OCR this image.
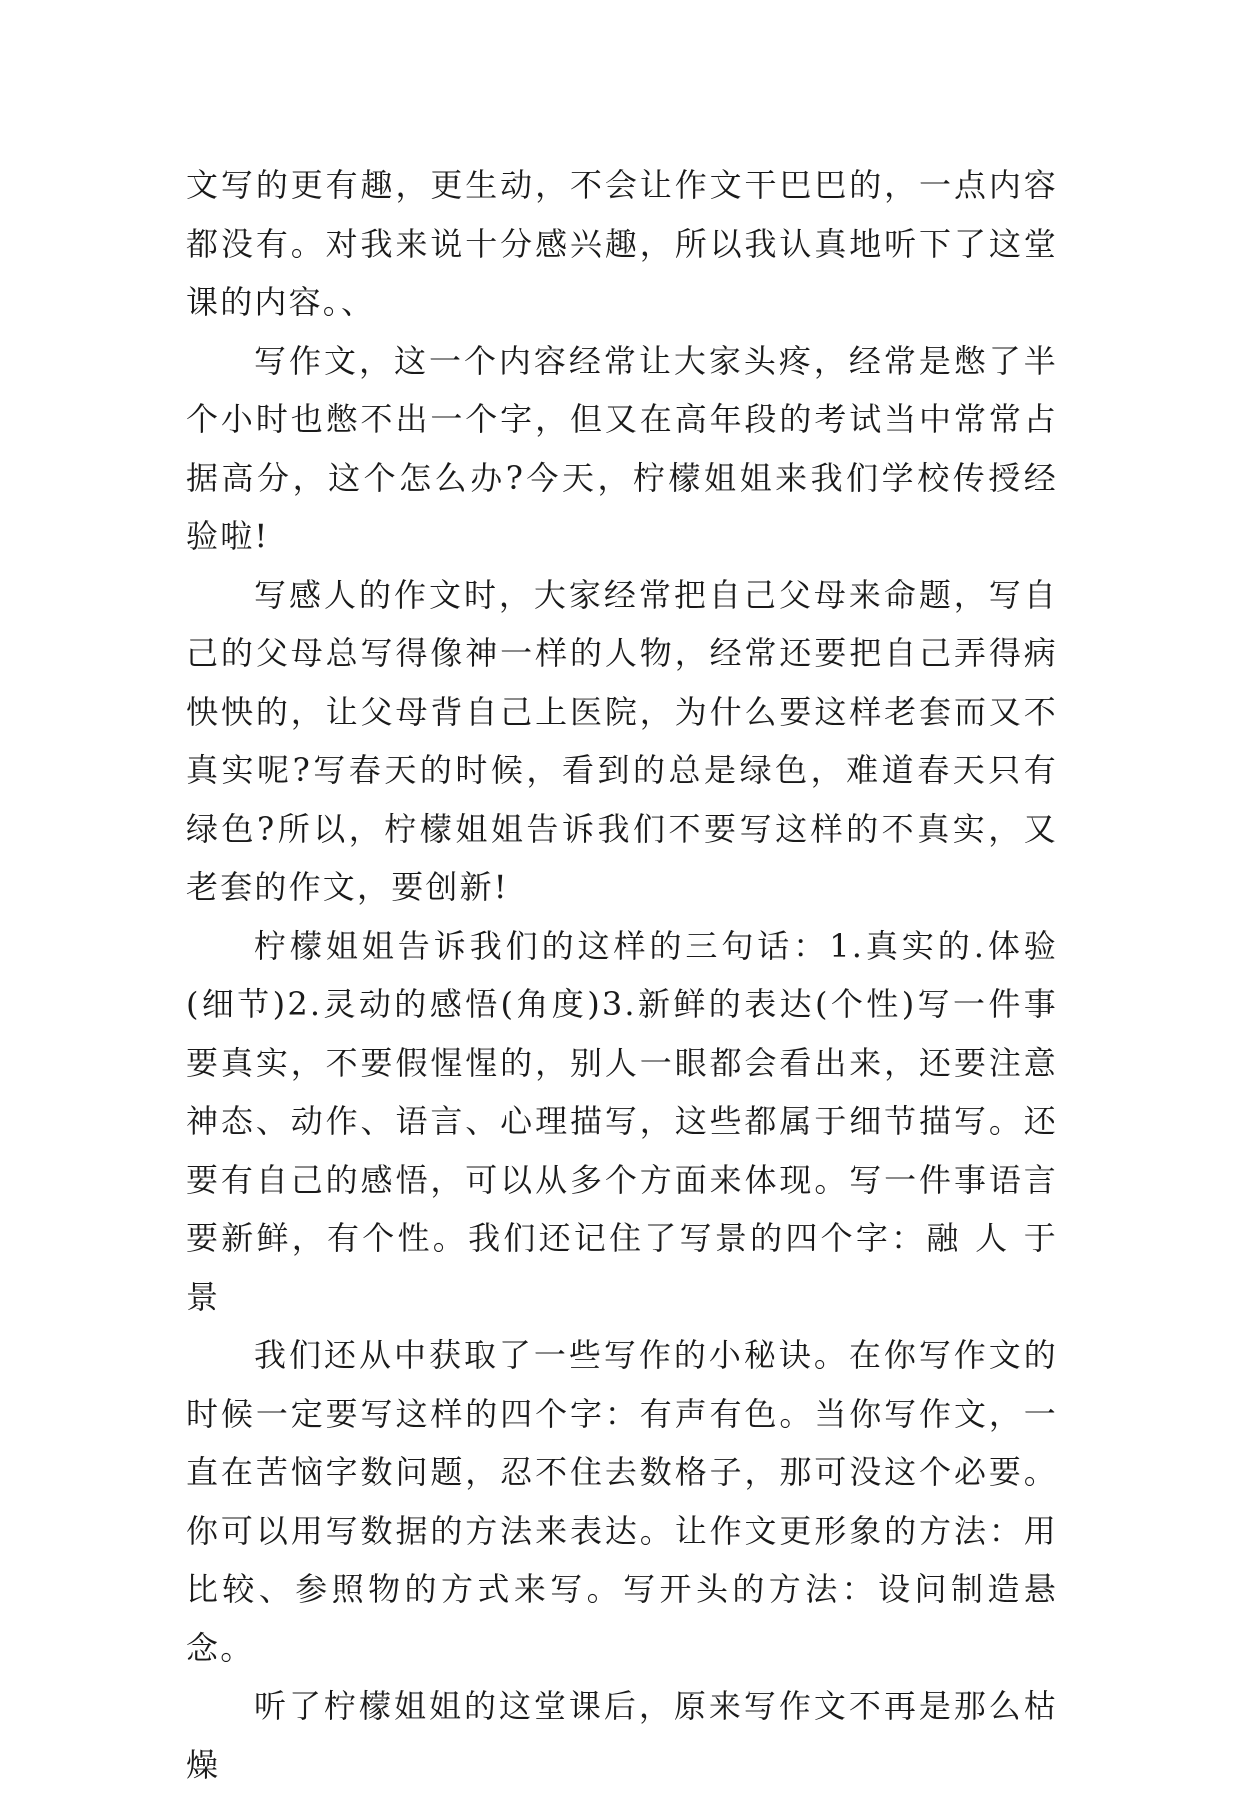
文写的更有趣，更生动，不会让作文干巴巴的，一点内容都没有。对我来说十分感兴趣，所以我认真地听下了这堂课的内容。、

写作文，这一个内容经常让大家头疼，经常是憋了半个小时也憋不出一个字，但又在高年段的考试当中常常占据高分，这个怎么办?今天，柠檬姐姐来我们学校传授经验啦!

写感人的作文时，大家经常把自己父母来命题，写自己的父母总写得像神一样的人物，经常还要把自己弄得病怏怏的，让父母背自己上医院，为什么要这样老套而又不真实呢?写春天的时候，看到的总是绿色，难道春天只有绿色?所以，柠檬姐姐告诉我们不要写这样的不真实，又老套的作文，要创新!

柠檬姐姐告诉我们的这样的三句话：1.真实的.体验(细节)2.灵动的感悟(角度)3.新鲜的表达(个性)写一件事要真实，不要假惺惺的，别人一眼都会看出来，还要注意神态、动作、语言、心理描写，这些都属于细节描写。还要有自己的感悟，可以从多个方面来体现。写一件事语言要新鲜，有个性。我们还记住了写景的四个字：融 人 于 景

我们还从中获取了一些写作的小秘诀。在你写作文的时候一定要写这样的四个字：有声有色。当你写作文，一直在苦恼字数问题，忍不住去数格子，那可没这个必要。你可以用写数据的方法来表达。让作文更形象的方法：用比较、参照物的方式来写。写开头的方法：设问制造悬念。

听了柠檬姐姐的这堂课后，原来写作文不再是那么枯燥
